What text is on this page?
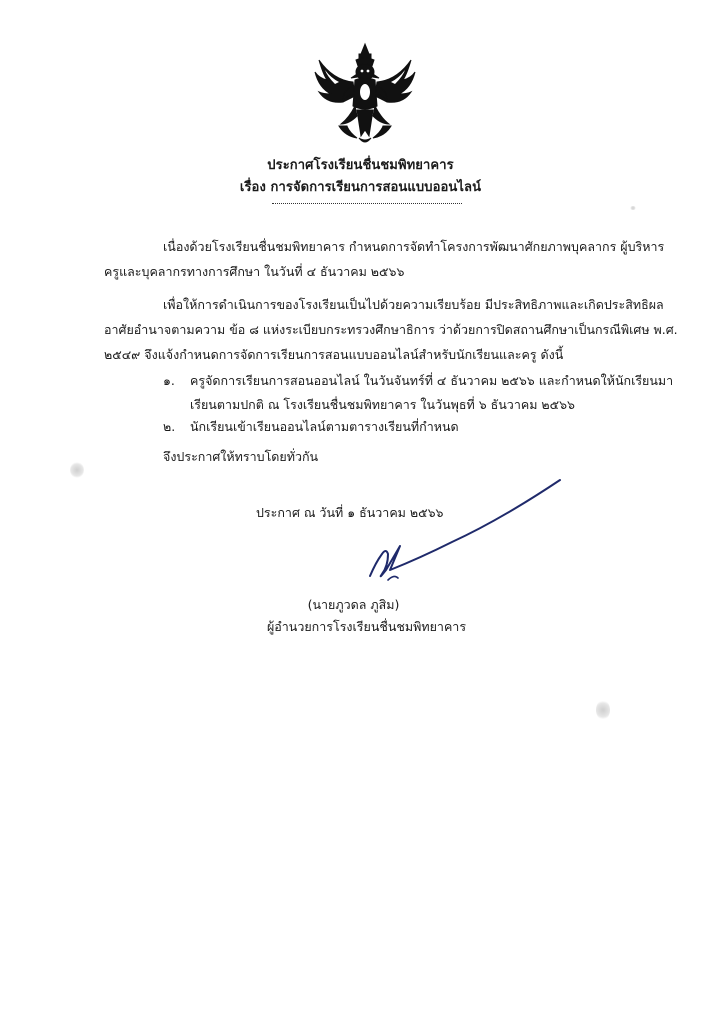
ประกาศโรงเรียนชื่นชมพิทยาคาร
เรื่อง การจัดการเรียนการสอนแบบออนไลน์
เนื่องด้วยโรงเรียนชื่นชมพิทยาคาร กำหนดการจัดทำโครงการพัฒนาศักยภาพบุคลากร ผู้บริหาร
ครูและบุคลากรทางการศึกษา ในวันที่ ๔ ธันวาคม ๒๕๖๖
เพื่อให้การดำเนินการของโรงเรียนเป็นไปด้วยความเรียบร้อย มีประสิทธิภาพและเกิดประสิทธิผล
อาศัยอำนาจตามความ ข้อ ๘ แห่งระเบียบกระทรวงศึกษาธิการ ว่าด้วยการปิดสถานศึกษาเป็นกรณีพิเศษ พ.ศ.
๒๕๔๙ จึงแจ้งกำหนดการจัดการเรียนการสอนแบบออนไลน์สำหรับนักเรียนและครู ดังนี้
๑. ครูจัดการเรียนการสอนออนไลน์ ในวันจันทร์ที่ ๔ ธันวาคม ๒๕๖๖ และกำหนดให้นักเรียนมา
เรียนตามปกติ ณ โรงเรียนชื่นชมพิทยาคาร ในวันพุธที่ ๖ ธันวาคม ๒๕๖๖
๒. นักเรียนเข้าเรียนออนไลน์ตามตารางเรียนที่กำหนด
จึงประกาศให้ทราบโดยทั่วกัน
ประกาศ ณ วันที่ ๑ ธันวาคม ๒๕๖๖
(นายภูวดล ภูสิม)
ผู้อำนวยการโรงเรียนชื่นชมพิทยาคาร
